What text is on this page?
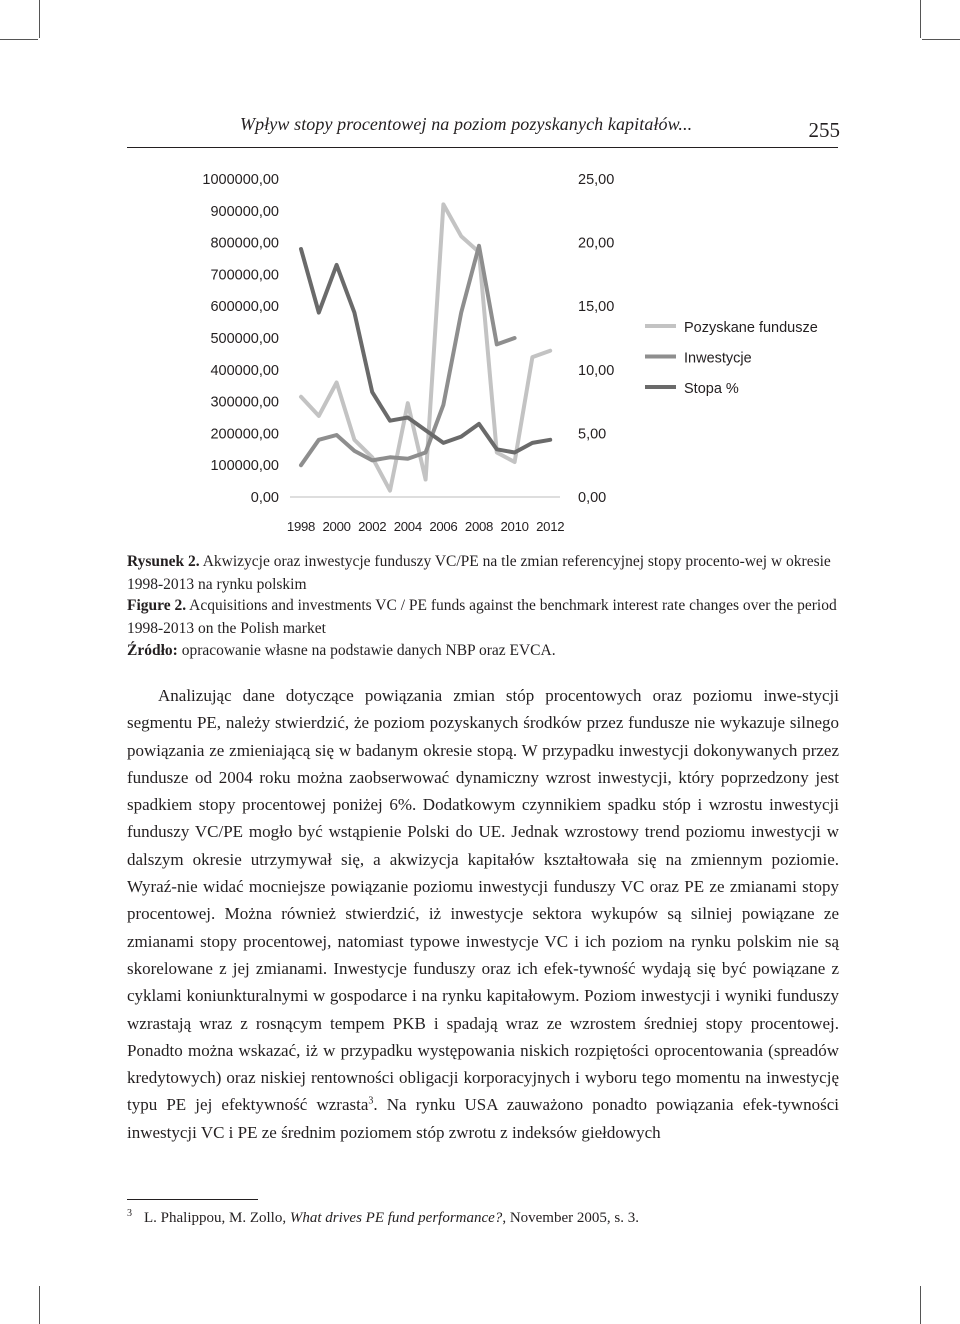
Wpływ stopy procentowej na poziom pozyskanych kapitałów...	255
0,00
100000,00
200000,00
300000,00
400000,00
500000,00
600000,00
700000,00
800000,00
900000,00
1000000,00
0,00
5,00
10,00
15,00
20,00
25,00
1998 2000 2002 2004 2006 2008 2010 2012
Pozyskane fundusze
Inwestycje
Stopa %
Rysunek 2. Akwizycje oraz inwestycje funduszy VC/PE na tle zmian referencyjnej stopy procento-wej w okresie 1998-2013 na rynku polskim
Figure 2. Acquisitions and investments VC / PE funds against the benchmark interest rate changes over the period 1998-2013 on the Polish market
Źródło: opracowanie własne na podstawie danych NBP oraz EVCA.

Analizując dane dotyczące powiązania zmian stóp procentowych oraz poziomu inwe-stycji segmentu PE, należy stwierdzić, że poziom pozyskanych środków przez fundusze nie wykazuje silnego powiązania ze zmieniającą się w badanym okresie stopą. W przypadku inwestycji dokonywanych przez fundusze od 2004 roku można zaobserwować dynamiczny wzrost inwestycji, który poprzedzony jest spadkiem stopy procentowej poniżej 6%. Dodatkowym czynnikiem spadku stóp i wzrostu inwestycji funduszy VC/PE mogło być wstąpienie Polski do UE. Jednak wzrostowy trend poziomu inwestycji w dalszym okresie utrzymywał się, a akwizycja kapitałów kształtowała się na zmiennym poziomie. Wyraź-nie widać mocniejsze powiązanie poziomu inwestycji funduszy VC oraz PE ze zmianami stopy procentowej. Można również stwierdzić, iż inwestycje sektora wykupów są silniej powiązane ze zmianami stopy procentowej, natomiast typowe inwestycje VC i ich poziom na rynku polskim nie są skorelowane z jej zmianami. Inwestycje funduszy oraz ich efek-tywność wydają się być powiązane z cyklami koniunkturalnymi w gospodarce i na rynku kapitałowym. Poziom inwestycji i wyniki funduszy wzrastają wraz z rosnącym tempem PKB i spadają wraz ze wzrostem średniej stopy procentowej. Ponadto można wskazać, iż w przypadku występowania niskich rozpiętości oprocentowania (spreadów kredytowych) oraz niskiej rentowności obligacji korporacyjnych i wyboru tego momentu na inwestycję typu PE jej efektywność wzrasta$^3$. Na rynku USA zauważono ponadto powiązania efek-tywności inwestycji VC i PE ze średnim poziomem stóp zwrotu z indeksów giełdowych

$^3$ L. Phalippou, M. Zollo, What drives PE fund performance?, November 2005, s. 3.
